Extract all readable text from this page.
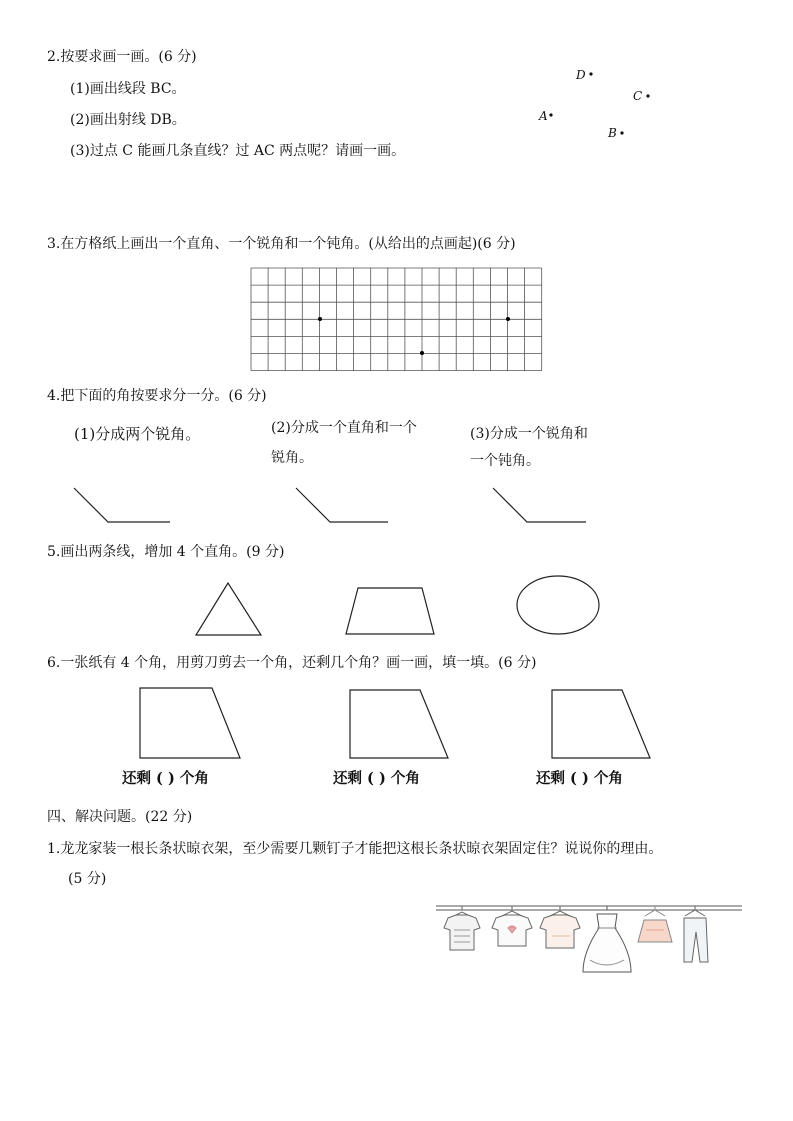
2.按要求画一画。(6 分)
(1)画出线段 BC。
(2)画出射线 DB。
(3)过点 C 能画几条直线？过 AC 两点呢？请画一画。
D
C
A
B
3.在方格纸上画出一个直角、一个锐角和一个钝角。(从给出的点画起)(6 分)
4.把下面的角按要求分一分。(6 分)
(1)分成两个锐角。	(2)分成一个直角和一个
锐角。
(3)分成一个锐角和
一个钝角。
5.画出两条线，增加 4 个直角。(9 分)
6.一张纸有 4 个角，用剪刀剪去一个角，还剩几个角？画一画，填一填。(6 分)
还剩 ( ) 个角	还剩 ( ) 个角	还剩 ( ) 个角
四、解决问题。(22 分)
1.龙龙家装一根长条状晾衣架，至少需要几颗钉子才能把这根长条状晾衣架固定住？说说你的理由。
(5 分)
